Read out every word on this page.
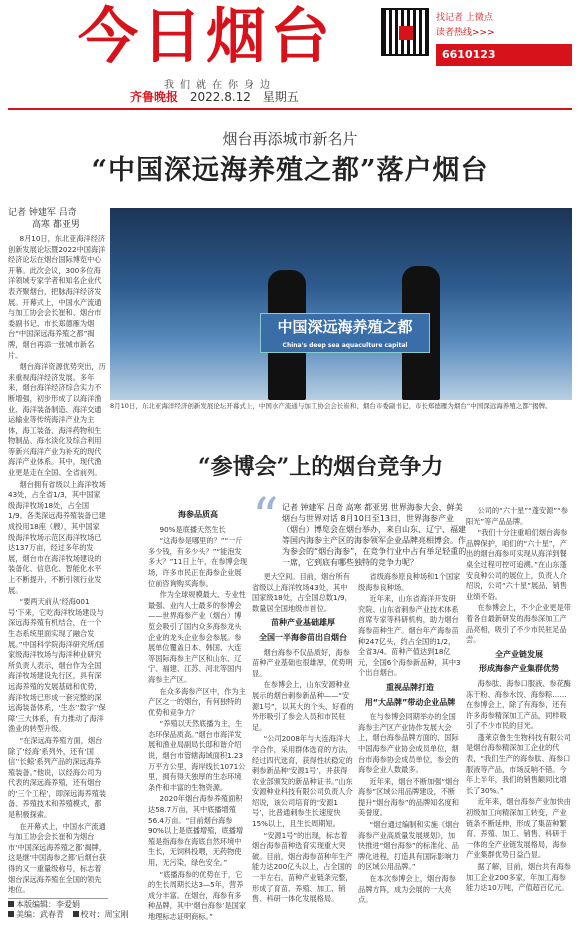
今日烟台	找记者 上微点
读者热线>>>
6610123
我们就在你身边
齐鲁晚报 2022.8.12 星期五
烟台再添城市新名片
“中国深远海养殖之都”落户烟台
记者 钟建军 吕奇
高寒 都亚男

8月10日，东北亚海洋经济创新发展论坛暨2022中国海洋经济论坛在烟台国际博览中心开幕。此次会议，300多位海洋领域专家学者和知名企业代表齐聚烟台，把脉海洋经济发展。开幕式上，中国水产流通与加工协会会长崔和、烟台市委副书记、市长郑德雁为烟台“中国深远海养殖之都”揭牌，烟台再添一张城市新名片。

烟台海洋资源优势突出，历来重视海洋经济发展。多年来，烟台海洋经济综合实力不断增强，初步形成了以海洋渔业、海洋装备制造、海洋交通运输业等传统海洋产业为主体，海工装备、海洋药物和生物制品、海水淡化及综合利用等新兴海洋产业为补充的现代海洋产业体系。其中，现代渔业更是走在全国、全省前列。

烟台拥有省级以上海洋牧场43处，占全省1/3，其中国家级海洋牧场18处，占全国1/9。各类深远海养殖装备已建成投用18座（艘），其中国家级海洋牧场示范区海洋牧场已达137万亩，经过多年的发展，烟台市在海洋牧场建设的装备化、信息化、智能化水平上不断提升，不断引领行业发展。

“要两天前从‘经海001号’下来，它吃海洋牧场建设与深远海养殖有机结合，在一个生态系统里面实现了融合发展。”中国科学院海洋研究所/国家级海洋牧场与海洋种业研究所负责人表示，烟台作为全国海洋牧场建设先行区，具有深远海养殖的发展基础和优势，海洋牧场已形成一套完整的深远海装备体系，‘生态’‘数字’‘保障’三大体系，有力推动了海洋渔业的转型升级。

“在深远海养殖方面，烟台除了‘经海’系列外，还有‘国信’‘长鲸’系列产品的深远海养殖装备。”他说，以经海公司为代表的深远海养殖，还有烟台的‘三个工程’，即深远海养殖装备、养殖技术和养殖模式，都是积极探索。

在开幕式上，中国水产流通与加工协会会长崔和为烟台市‘中国深远海养殖之都’揭牌，这是继‘中国海参之都’后烟台获得的又一重量级称号，标志着烟台深远海养殖在全国的领先地位。

中国深远海养殖之都
China's deep sea aquaculture capital
8月10日，东北亚海洋经济创新发展论坛开幕式上，中国水产流通与加工协会会长崔和、烟台市委副书记、市长郑德雁为烟台“中国深远海养殖之都”揭牌。
“参博会”上的烟台竞争力
“ 记者 钟建军 吕奇 高寒 都亚男 世界海参大会、鲜美烟台与世界对话 8月10日至13日，世界海参产业（烟台）博览会在烟台举办，来自山东、辽宁、福建等国内海参主产区的海参领军企业品牌亮相博会。作为参会的“烟台海参”，在竞争行业中占有举足轻重的一席，它到底有哪些独特的竞争力呢？
海参品质高

90%是底播天然生长

“这海参是哪里的？”“一斤多少钱，有多少头？”“能泡发多大？”11日上午，在参博会现场，许多市民正在海参企业展位前咨询购买海参。

作为全球规模最大、专业性最强、业内人士最多的参博会——世界海参产业（烟台）博览会吸引了国内众多海参龙头企业的龙头企业参会参展。参展单位覆盖日本、韩国、大连等国际海参主产区和山东、辽宁、福建、江苏、河北等国内海参主产区。

在众多海参产区中，作为主产区之一的烟台，有何独特的优势和竞争力？

“养殖以天然底播为主，生态环保品质高。”烟台市海洋发展和渔业局副局长邸和谐介绍说，烟台市管辖海域面积1.23万平方公里，海岸线长1071公里，拥有得天独厚的生态环境条件和丰富的生物资源。

2020年烟台海参养殖面积达58.7万亩，其中底播增殖56.4万亩。“目前烟台海参90%以上是底播增殖，底播增殖是指海参在海底自然环境中生长，无饲料投喂，无药物使用，无污染，绿色安全。”

“底播海参的优势在于，它的生长周期长达3—5年，营养成分丰富。在烟台，海参有多种品牌，其中‘烟台海参’是国家地理标志证明商标。”

更大空间。目前，烟台所有省级以上海洋牧场43处，其中国家级18处，占全国总数1/9，数量居全国地级市首位。

苗种产业基础雄厚
全国一半海参苗出自烟台

烟台海参不仅品质好，海参苗种产业基础也很雄厚，优势明显。

在参博会上，山东安源种业展示的烟台刺参新品种——“安源1号”，以其大的个头、好看的外形吸引了参会人员和市民驻足。

“公司2008年与大连海洋大学合作，采用群体选育的方法，经过四代选育，获得性状稳定的刺参新品种‘安源1号’，并获得农业部颁发的新品种证书。”山东安源种业科技有限公司负责人介绍说，该公司培育的‘安源1号’，比普通刺参生长速度快15%以上，且生长周期短。

“安源1号”的出现，标志着烟台海参苗种选育实现重大突破。目前，烟台海参苗种年生产能力达200亿头以上，占全国的一半左右，苗种产业链条完整，形成了育苗、养殖、加工、销售、科研一体化发展格局。

省级海参原良种场和1个国家级海参良种场。

近年来，山东省海洋开发研究院、山东省刺参产业技术体系首席专家等科研机构，助力烟台海参苗种生产。烟台年产海参苗种247亿头，约占全国的1/2，全省3/4。苗种产值达到18亿元，全国6个海参新品种，其中3个出自烟台。

重视品牌打造
用“大品牌”带动企业品牌

在与参博会同期举办的全国海参主产区产业协作发展大会上，烟台海参品牌方面的，国际中国海参产业协会成员单位，烟台市海参协会成员单位，参会的海参企业人数最多。

近年来，烟台不断加强“烟台海参”区域公用品牌建设，不断提升“烟台海参”的品牌知名度和美誉度。

“烟台通过编制和实施《烟台海参产业高质量发展规划》，加快推进“烟台海参”的标准化、品牌化进程，打造具有国际影响力的区域公用品牌。”

在本次参博会上，烟台海参品牌方阵，成为会展的一大亮点。

公司的“六十星”“蓬安源”“参阳光”等产品品牌。

“我们十分注重咱们烟台海参品牌保护，咱们的“六十星”，产出的烟台海参可实现从海洋到餐桌全过程可控可追溯。”在山东蓬安良种公司的展位上，负责人介绍说，公司“六十星”展品，销售业绩不俗。

在参博会上，不少企业更是带着各自最新研发的海参深加工产品亮相，吸引了不少市民驻足品尝。

全产业链发展
形成海参产业集群优势

海参肽、海参口服液、参花酶冻干粉、海参水饺、海参粽……在参博会上，除了有海参，还有许多海参精深加工产品，同样吸引了不少市民的目光。

蓬莱京鲁生生物科技有限公司是烟台海参精深加工企业的代表，“我们生产的海参肽、海参口服液等产品，市场反响不错。今年上半年，我们的销售额同比增长了30%。”

近年来，烟台海参产业加快由初级加工向精深加工转变，产业链条不断延伸，形成了集苗种繁育、养殖、加工、销售、科研于一体的全产业链发展格局，海参产业集群优势日益凸显。

据了解，目前，烟台共有海参加工企业200多家，年加工海参能力达10万吨，产值超百亿元。

本版编辑：李爱娟
美编：武春青 校对：周宝刚
